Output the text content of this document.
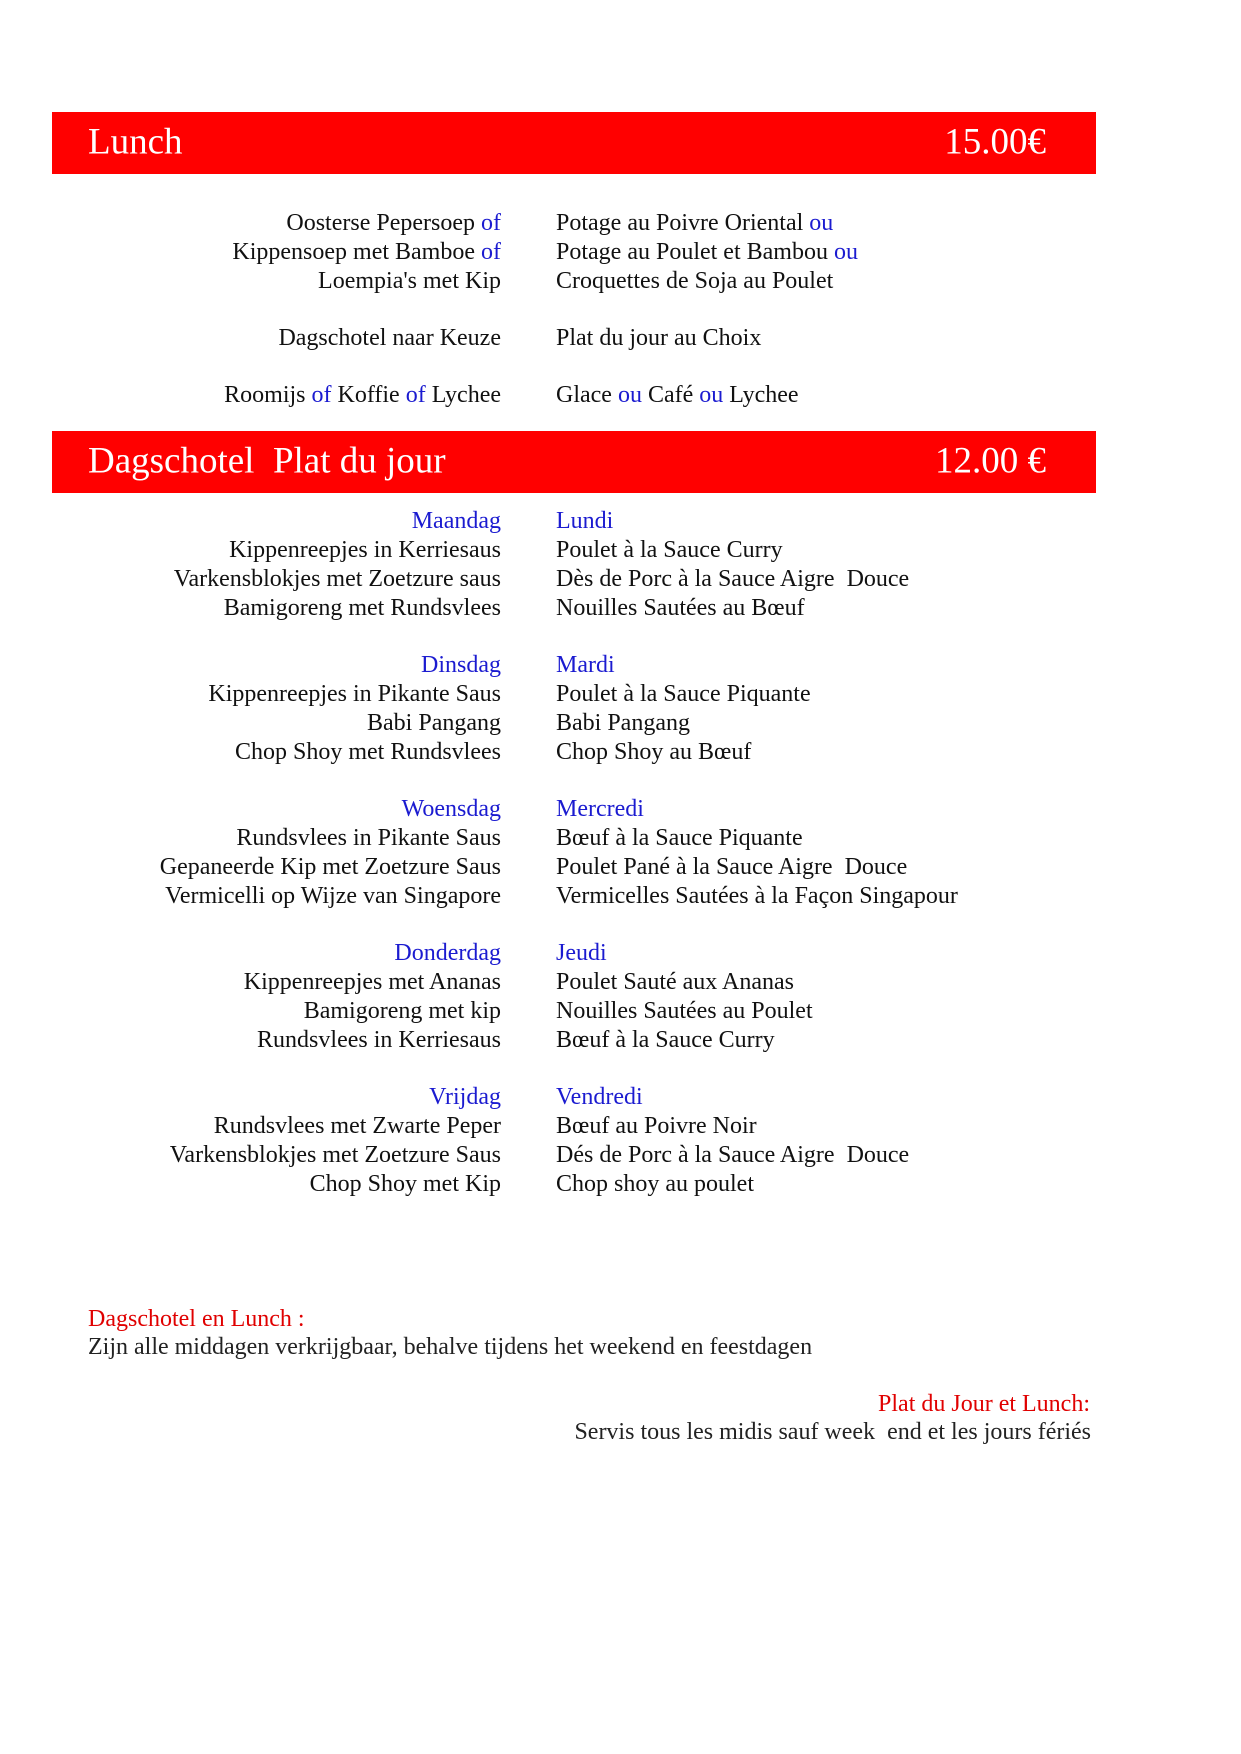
Lunch	15.00€
Oosterse Pepersoep of Potage au Poivre Oriental ou
Kippensoep met Bamboe of Potage au Poulet et Bambou ou
Loempia's met Kip Croquettes de Soja au Poulet
Dagschotel naar Keuze Plat du jour au Choix
Roomijs of Koffie of Lychee Glace ou Café ou Lychee
Dagschotel  Plat du jour	12.00 €
Maandag Lundi
Kippenreepjes in Kerriesaus Poulet à la Sauce Curry
Varkensblokjes met Zoetzure saus Dès de Porc à la Sauce Aigre  Douce
Bamigoreng met Rundsvlees Nouilles Sautées au Bœuf
Dinsdag Mardi
Kippenreepjes in Pikante Saus Poulet à la Sauce Piquante
Babi Pangang Babi Pangang
Chop Shoy met Rundsvlees Chop Shoy au Bœuf
Woensdag Mercredi
Rundsvlees in Pikante Saus Bœuf à la Sauce Piquante
Gepaneerde Kip met Zoetzure Saus Poulet Pané à la Sauce Aigre  Douce
Vermicelli op Wijze van Singapore Vermicelles Sautées à la Façon Singapour
Donderdag Jeudi
Kippenreepjes met Ananas Poulet Sauté aux Ananas
Bamigoreng met kip Nouilles Sautées au Poulet
Rundsvlees in Kerriesaus Bœuf à la Sauce Curry
Vrijdag Vendredi
Rundsvlees met Zwarte Peper Bœuf au Poivre Noir
Varkensblokjes met Zoetzure Saus Dés de Porc à la Sauce Aigre  Douce
Chop Shoy met Kip Chop shoy au poulet
Dagschotel en Lunch :
Zijn alle middagen verkrijgbaar, behalve tijdens het weekend en feestdagen
Plat du Jour et Lunch:
Servis tous les midis sauf week  end et les jours fériés
